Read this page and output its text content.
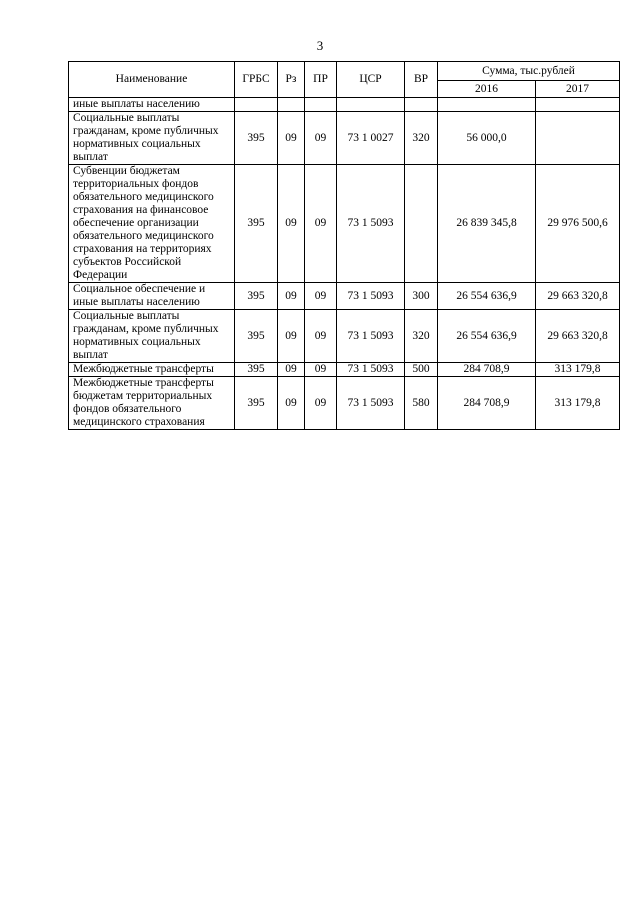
3
Наименование	ГРБС	Рз	ПР	ЦСР	ВР	Сумма, тыс.рублей	
						2016	2017
иные выплаты населению							
Социальные выплаты гражданам, кроме публичных нормативных социальных выплат	395	09	09	73 1 0027	320	56 000,0	
Субвенции бюджетам территориальных фондов обязательного медицинского страхования на финансовое обеспечение организации обязательного медицинского страхования на территориях субъектов Российской Федерации	395	09	09	73 1 5093		26 839 345,8	29 976 500,6
Социальное обеспечение и иные выплаты населению	395	09	09	73 1 5093	300	26 554 636,9	29 663 320,8
Социальные выплаты гражданам, кроме публичных нормативных социальных выплат	395	09	09	73 1 5093	320	26 554 636,9	29 663 320,8
Межбюджетные трансферты	395	09	09	73 1 5093	500	284 708,9	313 179,8
Межбюджетные трансферты бюджетам территориальных фондов обязательного медицинского страхования	395	09	09	73 1 5093	580	284 708,9	313 179,8
